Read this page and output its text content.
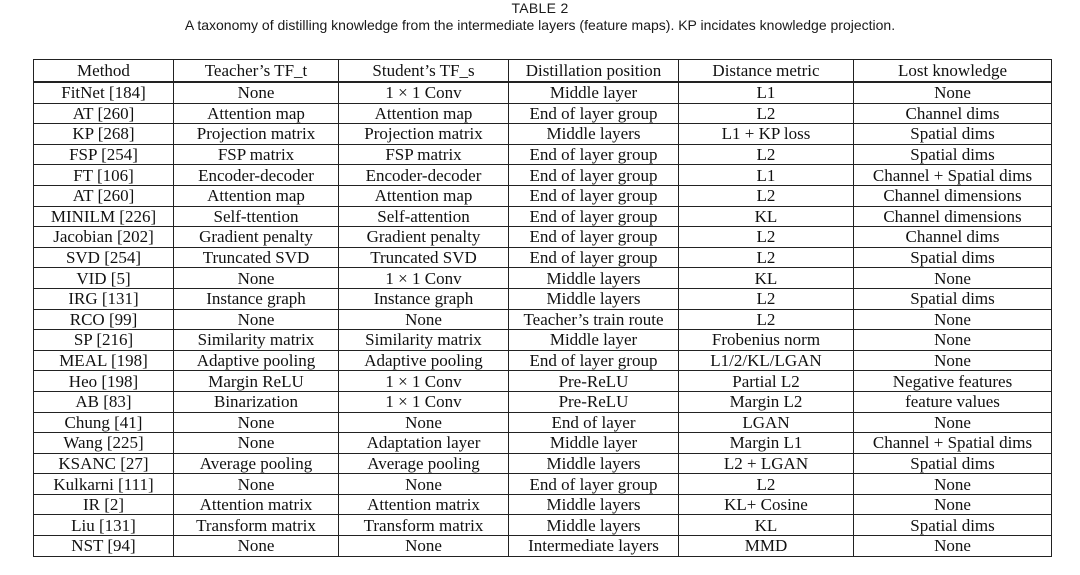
TABLE 2
A taxonomy of distilling knowledge from the intermediate layers (feature maps). KP incidates knowledge projection.
Method	Teacher’s TF_t	Student’s TF_s	Distillation position	Distance metric	Lost knowledge
FitNet [184]	None	1 × 1 Conv	Middle layer	L1	None
AT [260]	Attention map	Attention map	End of layer group	L2	Channel dims
KP [268]	Projection matrix	Projection matrix	Middle layers	L1 + KP loss	Spatial dims
FSP [254]	FSP matrix	FSP matrix	End of layer group	L2	Spatial dims
FT [106]	Encoder-decoder	Encoder-decoder	End of layer group	L1	Channel + Spatial dims
AT [260]	Attention map	Attention map	End of layer group	L2	Channel dimensions
MINILM [226]	Self-ttention	Self-attention	End of layer group	KL	Channel dimensions
Jacobian [202]	Gradient penalty	Gradient penalty	End of layer group	L2	Channel dims
SVD [254]	Truncated SVD	Truncated SVD	End of layer group	L2	Spatial dims
VID [5]	None	1 × 1 Conv	Middle layers	KL	None
IRG [131]	Instance graph	Instance graph	Middle layers	L2	Spatial dims
RCO [99]	None	None	Teacher’s train route	L2	None
SP [216]	Similarity matrix	Similarity matrix	Middle layer	Frobenius norm	None
MEAL [198]	Adaptive pooling	Adaptive pooling	End of layer group	L1/2/KL/LGAN	None
Heo [198]	Margin ReLU	1 × 1 Conv	Pre-ReLU	Partial L2	Negative features
AB [83]	Binarization	1 × 1 Conv	Pre-ReLU	Margin L2	feature values
Chung [41]	None	None	End of layer	LGAN	None
Wang [225]	None	Adaptation layer	Middle layer	Margin L1	Channel + Spatial dims
KSANC [27]	Average pooling	Average pooling	Middle layers	L2 + LGAN	Spatial dims
Kulkarni [111]	None	None	End of layer group	L2	None
IR [2]	Attention matrix	Attention matrix	Middle layers	KL+ Cosine	None
Liu [131]	Transform matrix	Transform matrix	Middle layers	KL	Spatial dims
NST [94]	None	None	Intermediate layers	MMD	None
